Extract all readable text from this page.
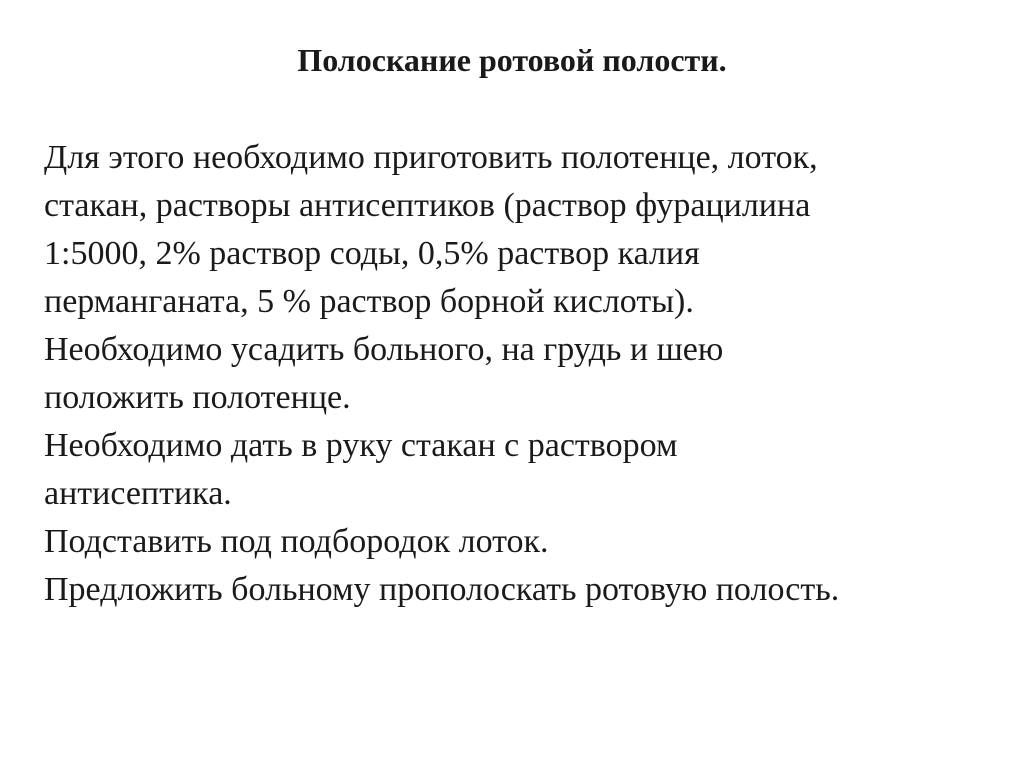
Полоскание ротовой полости.
Для этого необходимо приготовить полотенце, лоток,
стакан, растворы антисептиков (раствор фурацилина
1:5000, 2% раствор соды, 0,5% раствор калия
перманганата, 5 % раствор борной кислоты).
Необходимо усадить больного, на грудь и шею
положить полотенце.
Необходимо дать в руку стакан с раствором
антисептика.
Подставить под подбородок лоток.
Предложить больному прополоскать ротовую полость.
